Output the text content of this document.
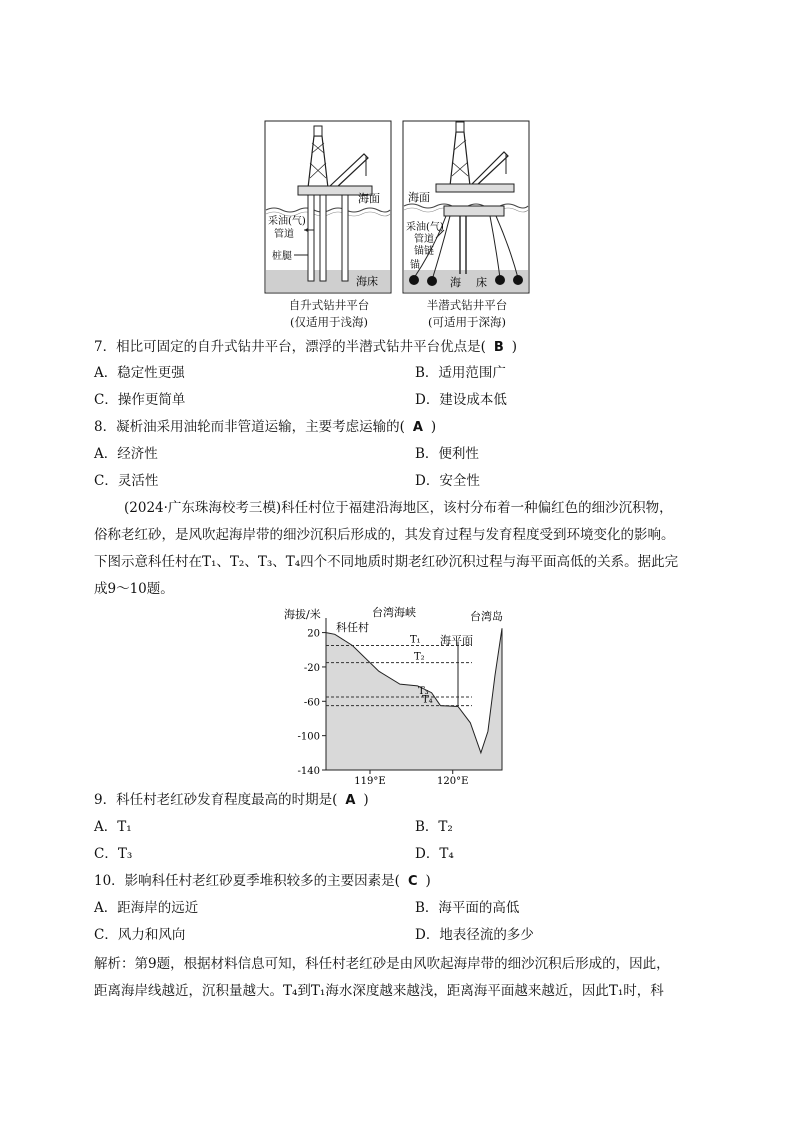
海面
采油(气)
管道
桩腿
海床
海面
采油(气)
管道
锚链
锚
海 床
自升式钻井平台
(仅适用于浅海)
半潜式钻井平台
(可适用于深海)
7．相比可固定的自升式钻井平台，漂浮的半潜式钻井平台优点是( B )
A．稳定性更强	B．适用范围广
C．操作更简单	D．建设成本低
8．凝析油采用油轮而非管道运输，主要考虑运输的( A )
A．经济性	B．便利性
C．灵活性	D．安全性
(2024·广东珠海校考三模)科任村位于福建沿海地区，该村分布着一种偏红色的细沙沉积物，
俗称老红砂，是风吹起海岸带的细沙沉积后形成的，其发育过程与发育程度受到环境变化的影响。
下图示意科任村在T₁、T₂、T₃、T₄四个不同地质时期老红砂沉积过程与海平面高低的关系。据此完
成9～10题。
20
-20
-60
-100
-140
119°E	120°E
T₁
T₂
T₃
T₄
海拔/米
科任村
台湾海峡	台湾岛
海平面
9．科任村老红砂发育程度最高的时期是( A )
A．T₁	B．T₂
C．T₃	D．T₄
10．影响科任村老红砂夏季堆积较多的主要因素是( C )
A．距海岸的远近	B．海平面的高低
C．风力和风向	D．地表径流的多少
解析：第9题，根据材料信息可知，科任村老红砂是由风吹起海岸带的细沙沉积后形成的，因此，
距离海岸线越近，沉积量越大。T₄到T₁海水深度越来越浅，距离海平面越来越近，因此T₁时，科
